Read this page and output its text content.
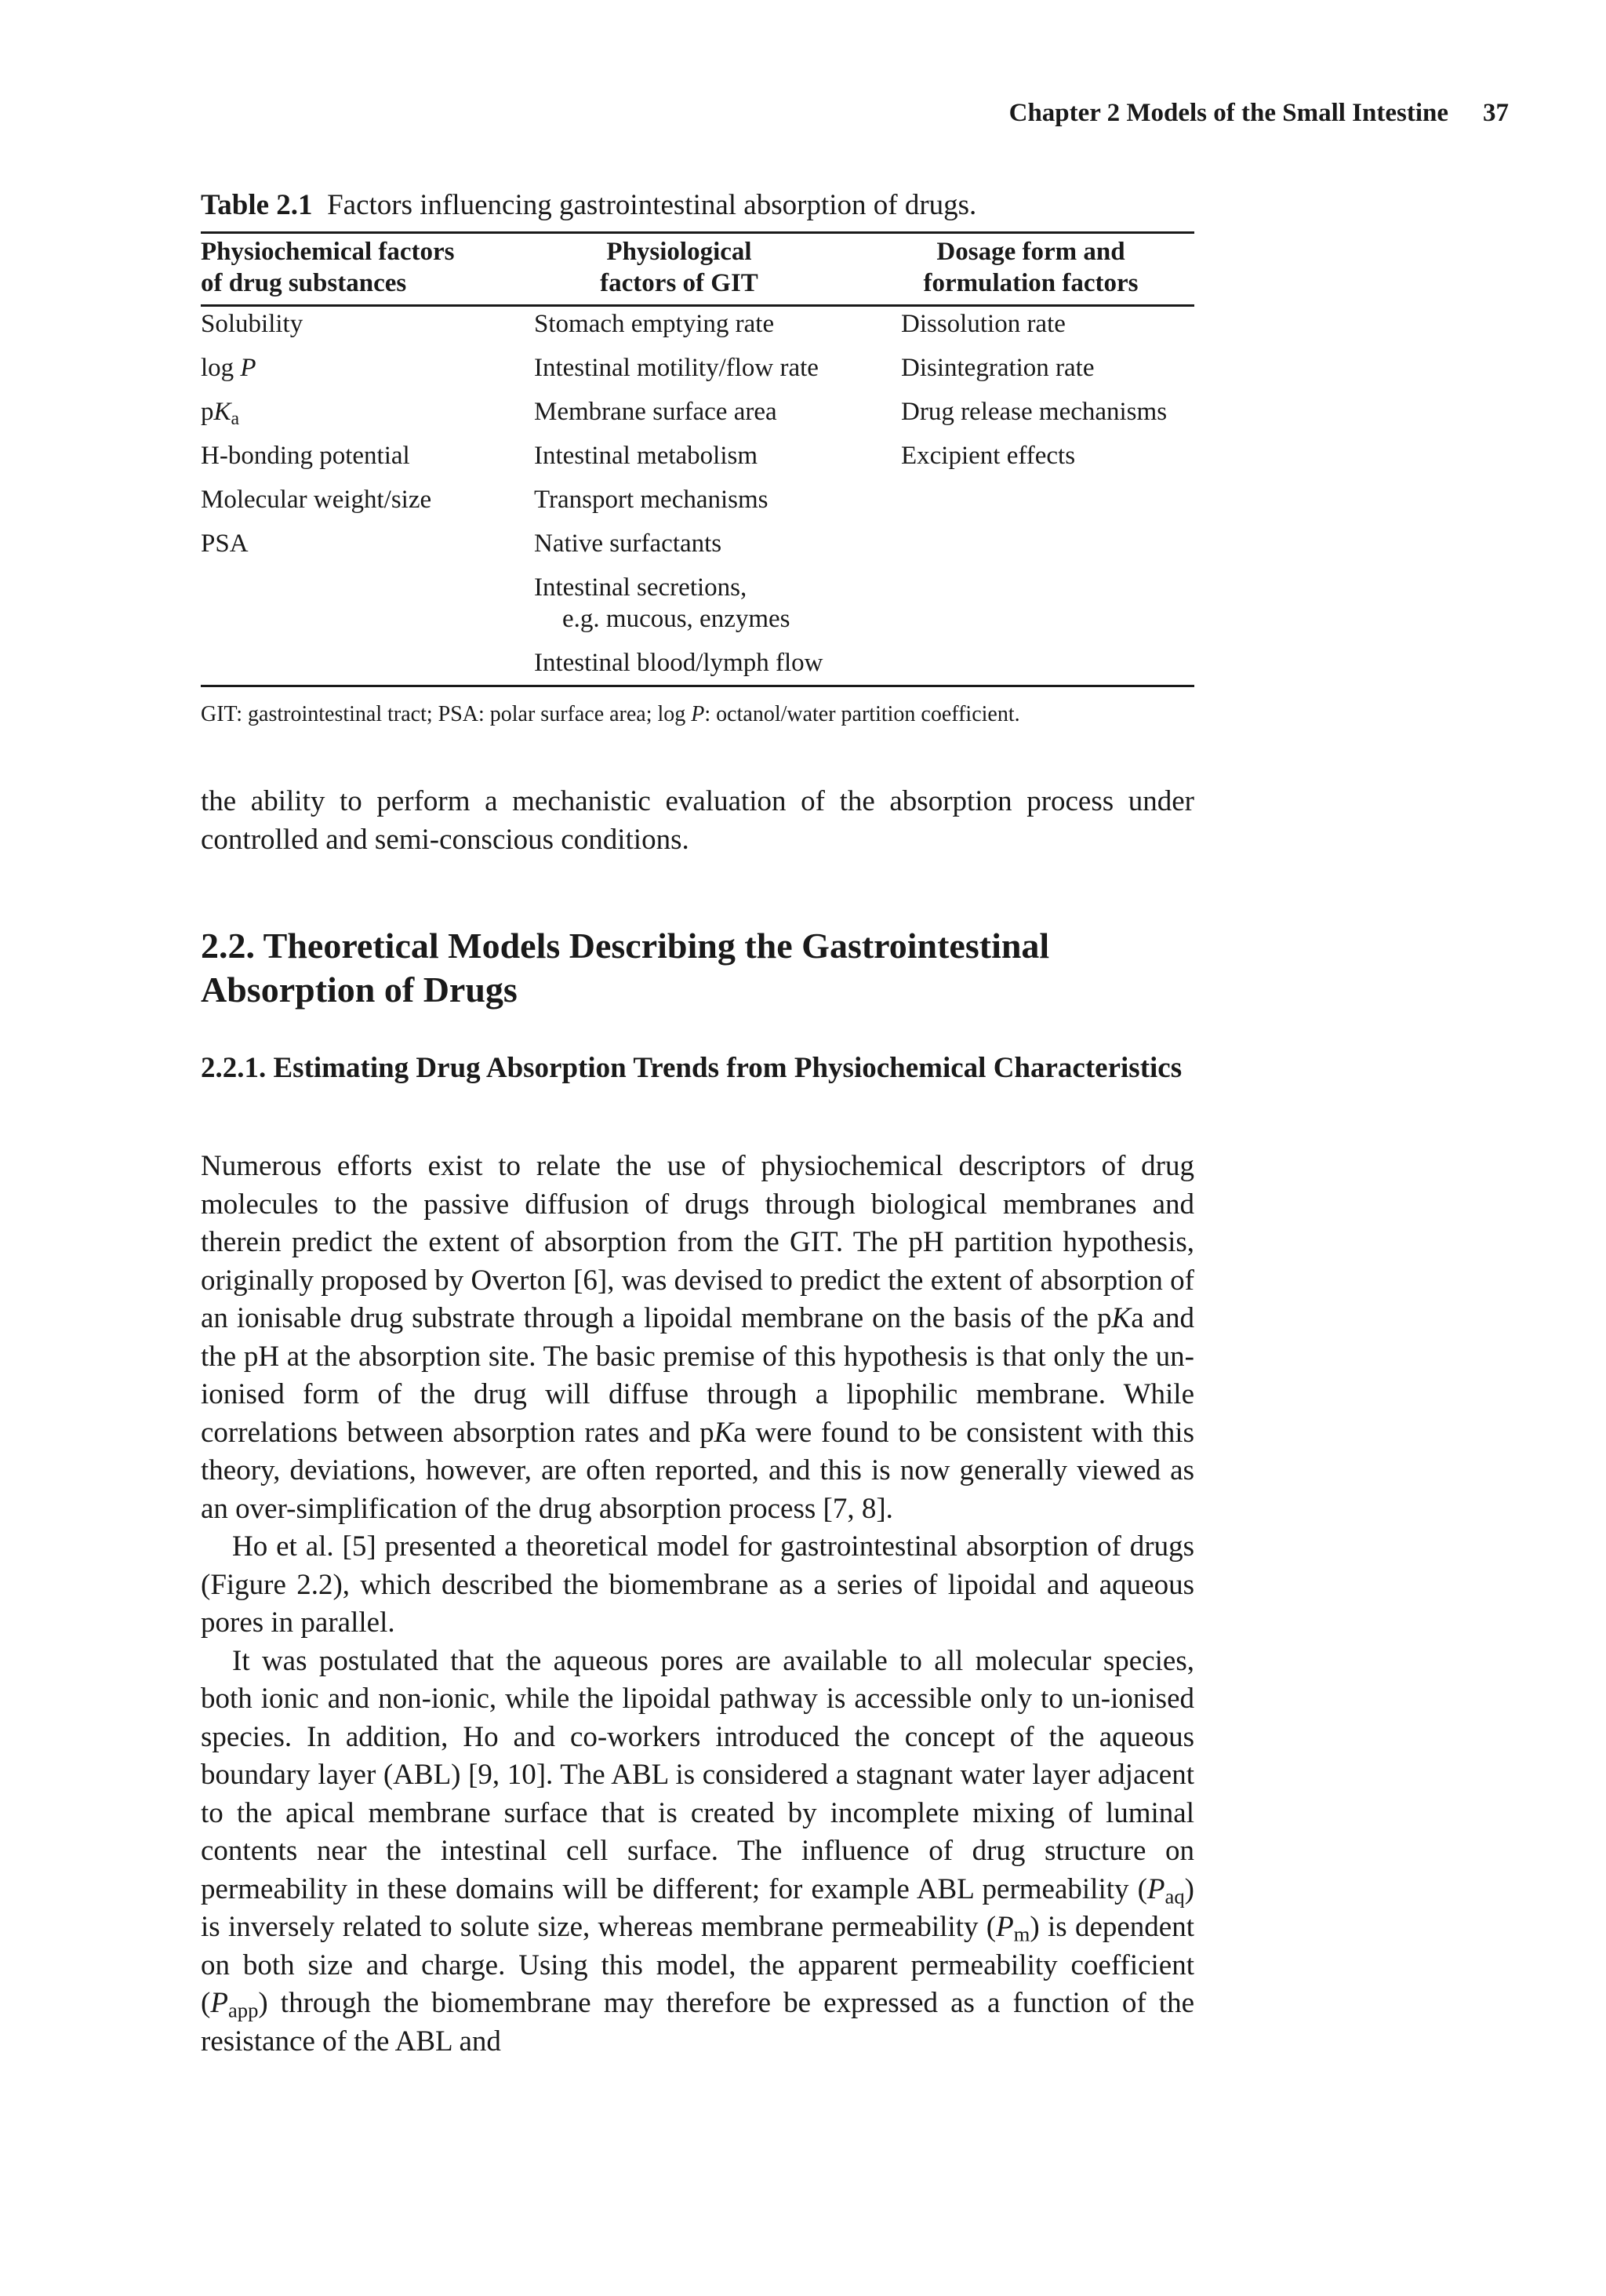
Chapter 2 Models of the Small Intestine 37
Table 2.1 Factors influencing gastrointestinal absorption of drugs.
Physiochemical factors
of drug substances
Physiological
factors of GIT
Dosage form and
formulation factors
Solubility
log P
$pK_a$
H-bonding potential
Molecular weight/size
PSA
Stomach emptying rate
Intestinal motility/flow rate
Membrane surface area
Intestinal metabolism
Transport mechanisms
Native surfactants
Intestinal secretions,
e.g. mucous, enzymes
Intestinal blood/lymph flow
Dissolution rate
Disintegration rate
Drug release mechanisms
Excipient effects
GIT: gastrointestinal tract; PSA: polar surface area; log P: octanol/water partition coefficient.

the ability to perform a mechanistic evaluation of the absorption process under controlled and semi-conscious conditions.

2.2. Theoretical Models Describing the Gastrointestinal Absorption of Drugs
2.2.1. Estimating Drug Absorption Trends from Physiochemical Characteristics

Numerous efforts exist to relate the use of physiochemical descriptors of drug molecules to the passive diffusion of drugs through biological membranes and therein predict the extent of absorption from the GIT. The pH partition hypothesis, originally proposed by Overton [6], was devised to predict the extent of absorption of an ionisable drug substrate through a lipoidal membrane on the basis of the pKa and the pH at the absorption site. The basic premise of this hypothesis is that only the un-ionised form of the drug will diffuse through a lipophilic membrane. While correlations between absorption rates and pKa were found to be consistent with this theory, deviations, however, are often reported, and this is now generally viewed as an over-simplification of the drug absorption process [7, 8].

Ho et al. [5] presented a theoretical model for gastrointestinal absorption of drugs (Figure 2.2), which described the biomembrane as a series of lipoidal and aqueous pores in parallel.

It was postulated that the aqueous pores are available to all molecular species, both ionic and non-ionic, while the lipoidal pathway is accessible only to un-ionised species. In addition, Ho and co-workers introduced the concept of the aqueous boundary layer (ABL) [9, 10]. The ABL is considered a stagnant water layer adjacent to the apical membrane surface that is created by incomplete mixing of luminal contents near the intestinal cell surface. The influence of drug structure on permeability in these domains will be different; for example ABL permeability $(P_{aq})$ is inversely related to solute size, whereas membrane permeability $(P_m)$ is dependent on both size and charge. Using this model, the apparent permeability coefficient $(P_{app})$ through the biomembrane may therefore be expressed as a function of the resistance of the ABL and
